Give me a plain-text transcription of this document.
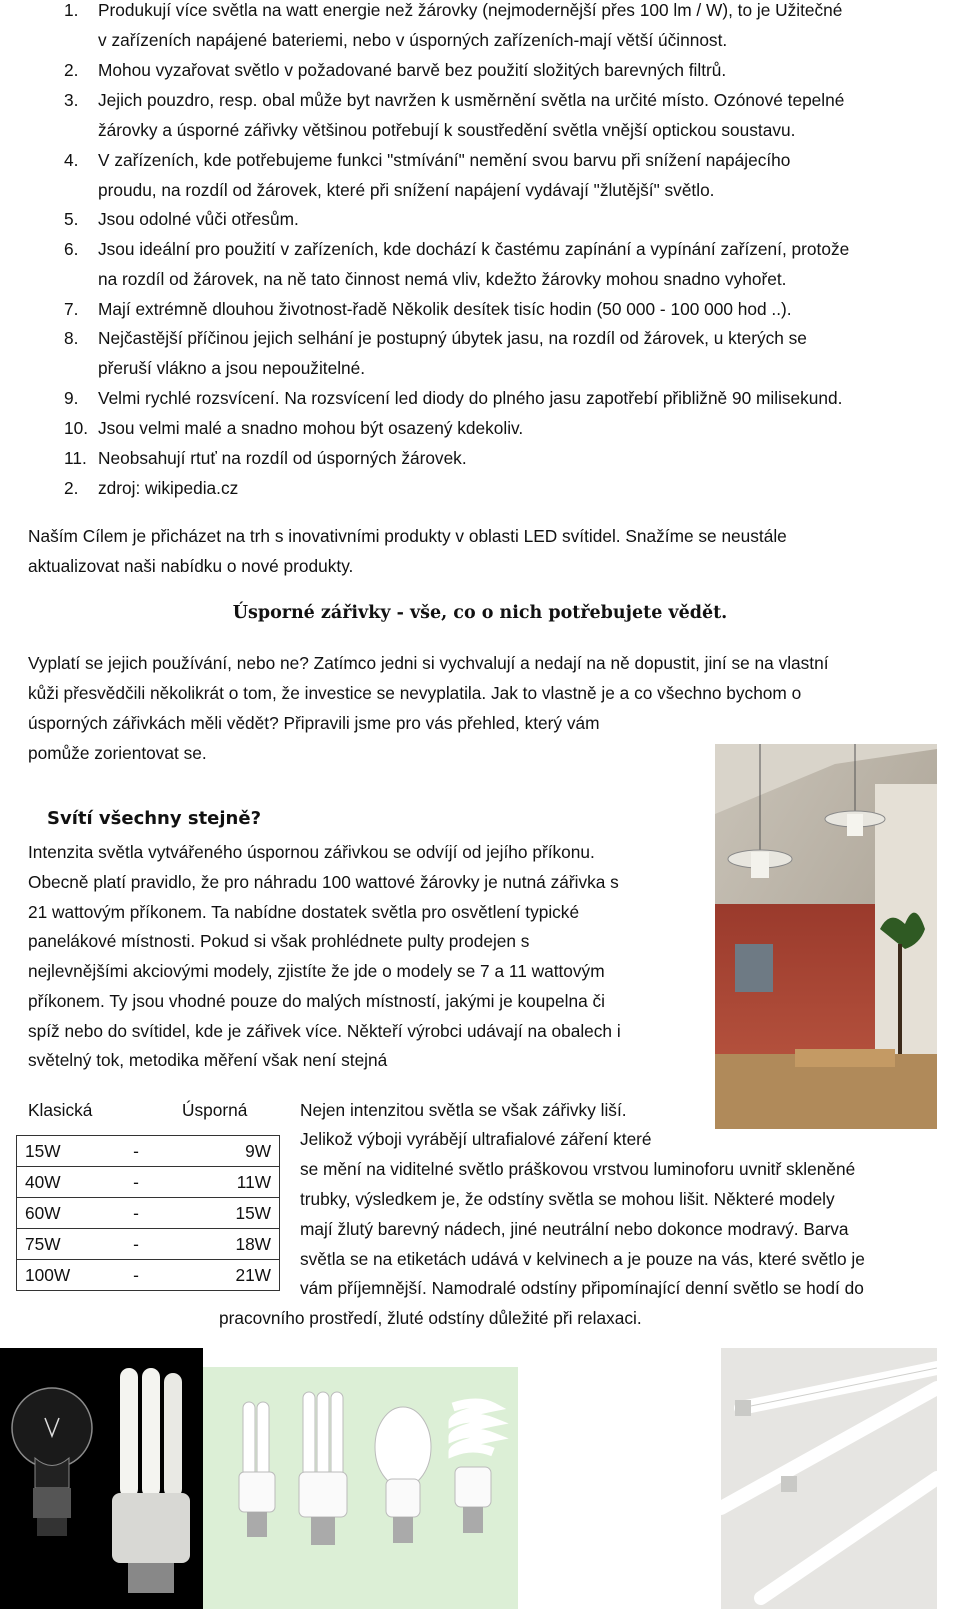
1. Produkují více světla na watt energie než žárovky (nejmodernější přes 100 lm / W), to je Užitečné
v zařízeních napájené bateriemi, nebo v úsporných zařízeních-mají větší účinnost.
2. Mohou vyzařovat světlo v požadované barvě bez použití složitých barevných filtrů.
3. Jejich pouzdro, resp. obal může byt navržen k usměrnění světla na určité místo. Ozónové tepelné
žárovky a úsporné zářivky většinou potřebují k soustředění světla vnější optickou soustavu.
4. V zařízeních, kde potřebujeme funkci "stmívání" nemění svou barvu při snížení napájecího
proudu, na rozdíl od žárovek, které při snížení napájení vydávají "žlutější" světlo.
5. Jsou odolné vůči otřesům.
6. Jsou ideální pro použití v zařízeních, kde dochází k častému zapínání a vypínání zařízení, protože
na rozdíl od žárovek, na ně tato činnost nemá vliv, kdežto žárovky mohou snadno vyhořet.
7. Mají extrémně dlouhou životnost-řadě Několik desítek tisíc hodin (50 000 - 100 000 hod ..).
8. Nejčastější příčinou jejich selhání je postupný úbytek jasu, na rozdíl od žárovek, u kterých se
přeruší vlákno a jsou nepoužitelné.
9. Velmi rychlé rozsvícení. Na rozsvícení led diody do plného jasu zapotřebí přibližně 90 milisekund.
10. Jsou velmi malé a snadno mohou být osazený kdekoliv.
11. Neobsahují rtuť na rozdíl od úsporných žárovek.
2. zdroj: wikipedia.cz
Naším Cílem je přicházet na trh s inovativními produkty v oblasti LED svítidel. Snažíme se neustále
aktualizovat naši nabídku o nové produkty.
Úsporné zářivky - vše, co o nich potřebujete vědět.
Vyplatí se jejich používání, nebo ne? Zatímco jedni si vychvalují a nedají na ně dopustit, jiní se na vlastní
kůži přesvědčili několikrát o tom, že investice se nevyplatila. Jak to vlastně je a co všechno bychom o
úsporných zářivkách měli vědět? Připravili jsme pro vás přehled, který vám
pomůže zorientovat se.
Svítí všechny stejně?
Intenzita světla vytvářeného úspornou zářivkou se odvíjí od jejího příkonu.
Obecně platí pravidlo, že pro náhradu 100 wattové žárovky je nutná zářivka s
21 wattovým příkonem. Ta nabídne dostatek světla pro osvětlení typické
panelákové místnosti. Pokud si však prohlédnete pulty prodejen s
nejlevnějšími akciovými modely, zjistíte že jde o modely se 7 a 11 wattovým
příkonem. Ty jsou vhodné pouze do malých místností, jakými je koupelna či
spíž nebo do svítidel, kde je zářivek více. Někteří výrobci udávají na obalech i
světelný tok, metodika měření však není stejná
Klasická	Úsporná
15W	-	9W
40W	-	11W
60W	-	15W
75W	-	18W
100W	-	21W
Nejen intenzitou světla se však zářivky liší.
Jelikož výboji vyrábějí ultrafialové záření které
se mění na viditelné světlo práškovou vrstvou luminoforu uvnitř skleněné
trubky, výsledkem je, že odstíny světla se mohou lišit. Některé modely
mají žlutý barevný nádech, jiné neutrální nebo dokonce modravý. Barva
světla se na etiketách udává v kelvinech a je pouze na vás, které světlo je
vám příjemnější. Namodralé odstíny připomínající denní světlo se hodí do
pracovního prostředí, žluté odstíny důležité při relaxaci.
